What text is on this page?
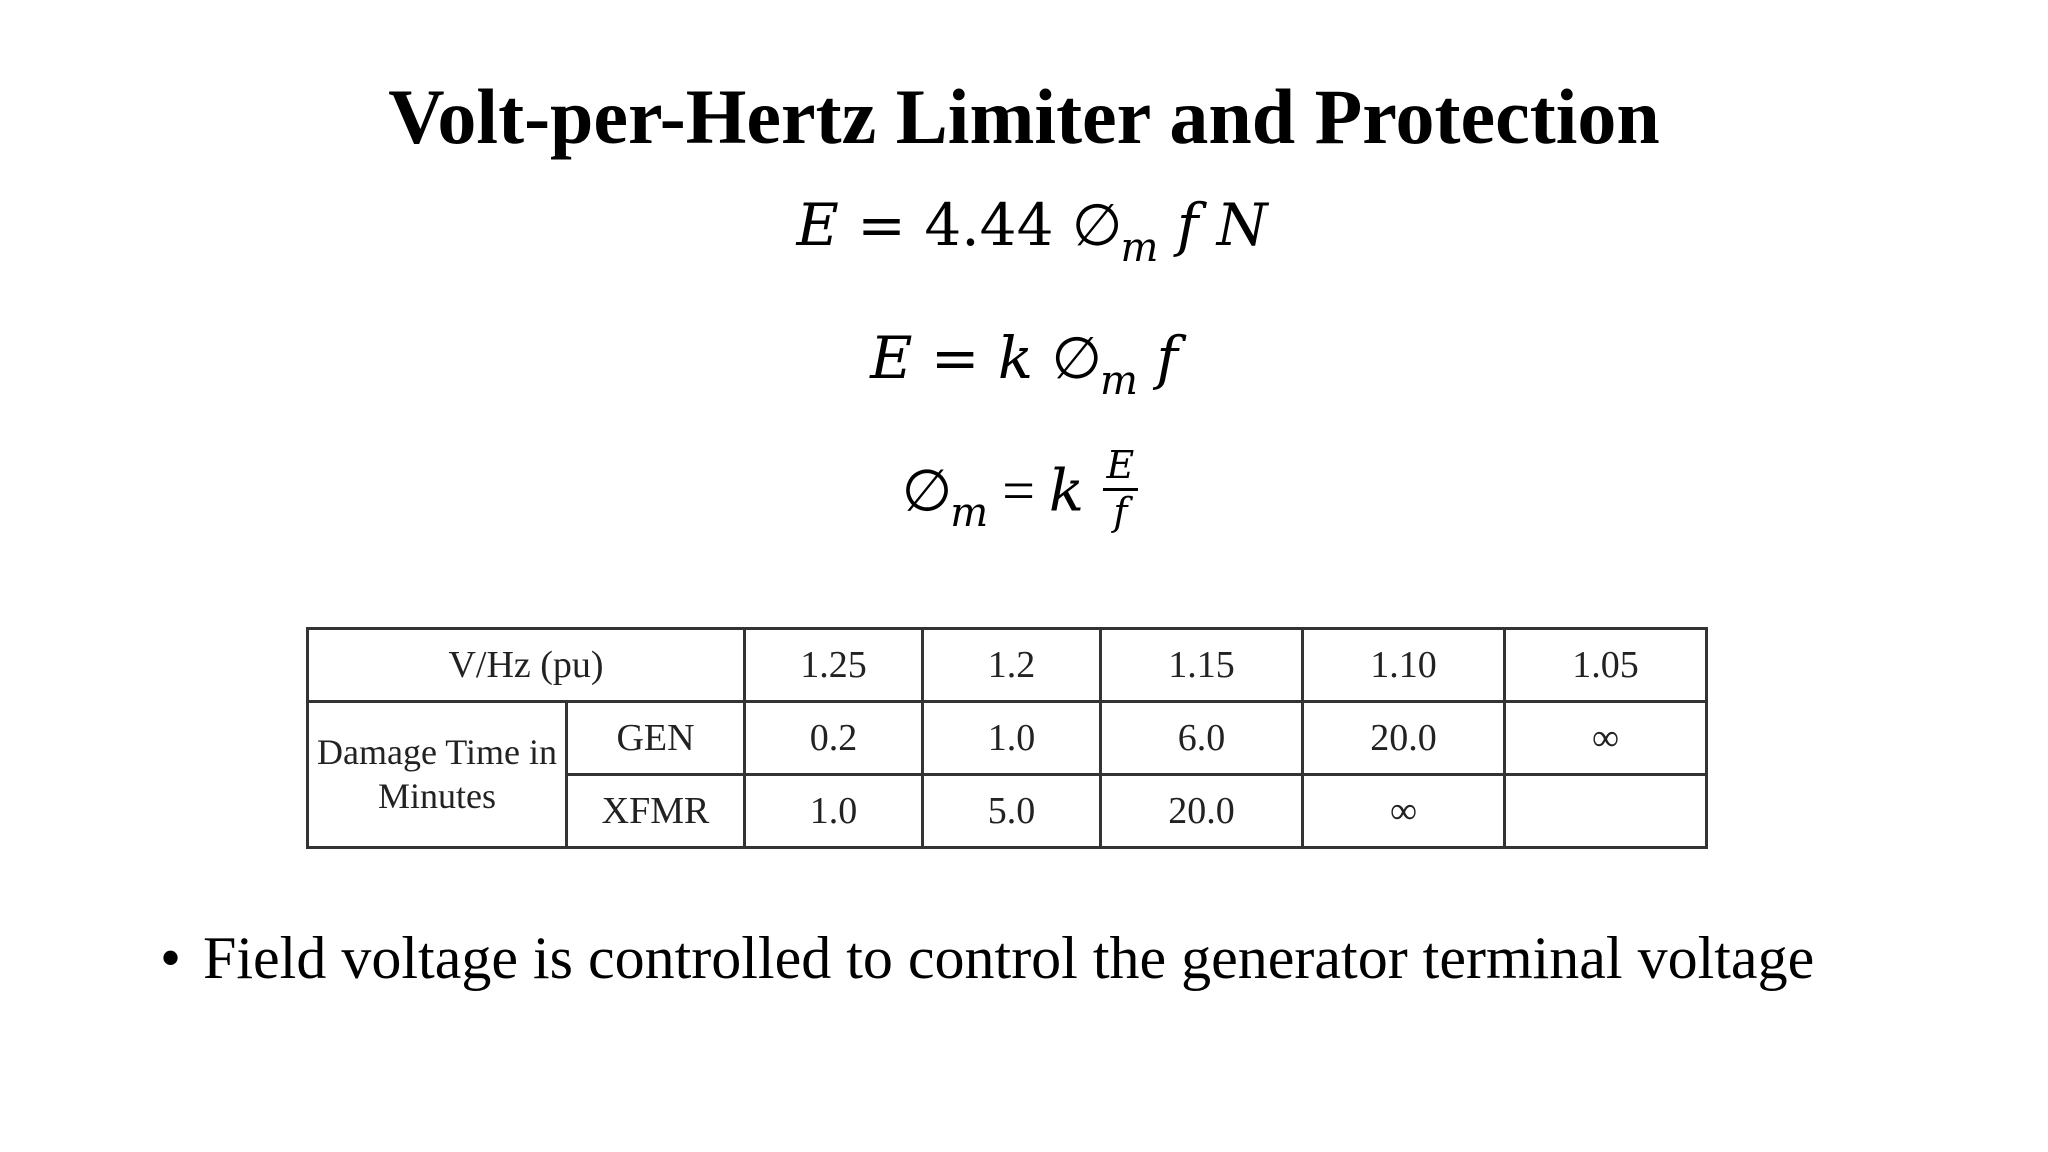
Volt-per-Hertz Limiter and Protection
E = 4.44 $\emptyset_m$ f N
E = k $\emptyset_m$ f
$\emptyset_m = k \frac{E}{f}$
V/Hz (pu)		1.25	1.2	1.15	1.10	1.05
Damage Time in Minutes	GEN	0.2	1.0	6.0	20.0	∞
	XFMR	1.0	5.0	20.0	∞	
• Field voltage is controlled to control the generator terminal voltage
